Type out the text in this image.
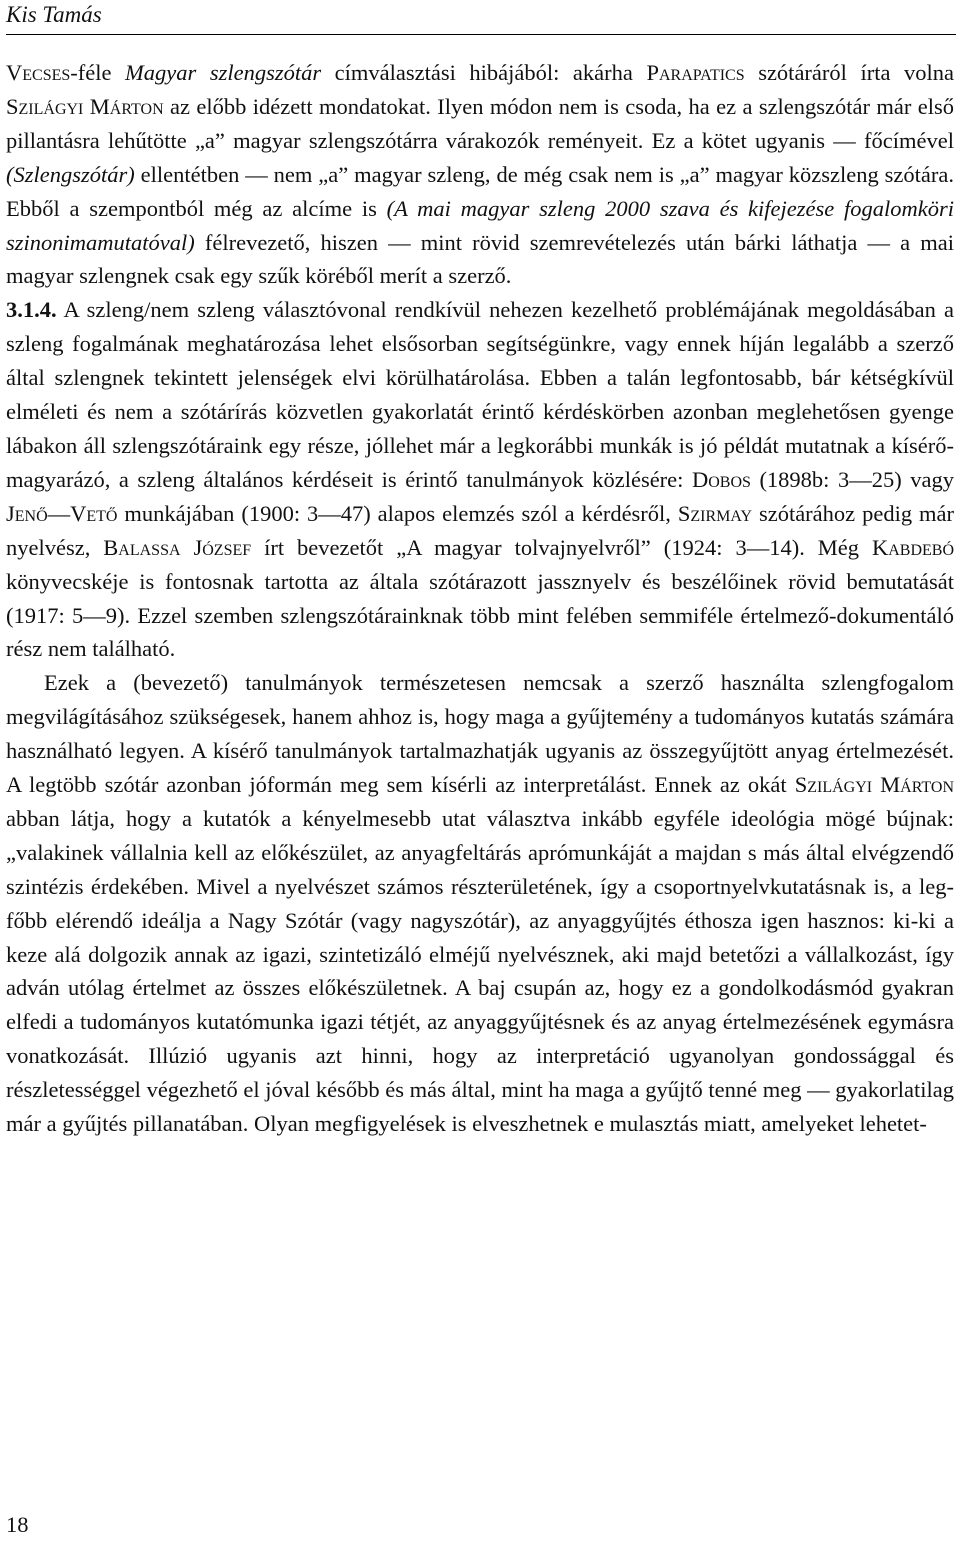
Kis Tamás

Vecses-féle Magyar szlengszótár címválasztási hibájából: akárha Parapatics szótáráról írta volna Szilágyi Márton az előbb idézett mondatokat. Ilyen módon nem is csoda, ha ez a szlengszótár már első pillantásra lehűtötte „a” magyar szlengszótárra várakozók reményeit. Ez a kötet ugyanis — főcímével (Szlengszótár) ellentétben — nem „a” magyar szleng, de még csak nem is „a” magyar közszleng szótára. Ebből a szempontból még az alcíme is (A mai magyar szleng 2000 szava és kifejezése fogalomköri szinonimamutatóval) félrevezető, hiszen — mint rövid szemrevételezés után bárki láthatja — a mai magyar szlengnek csak egy szűk köréből merít a szerző.

3.1.4. A szleng/nem szleng választóvonal rendkívül nehezen kezelhető problémájának megoldásában a szleng fogalmának meghatározása lehet elsősorban segítségünkre, vagy ennek híján legalább a szerző által szlengnek tekintett jelenségek elvi körülhatárolása. Ebben a talán legfontosabb, bár kétségkívül elméleti és nem a szótárírás közvetlen gyakorlatát érintő kérdéskörben azonban meglehetősen gyenge lábakon áll szlengszótáraink egy része, jóllehet már a legkorábbi munkák is jó példát mutatnak a kísérő-magyarázó, a szleng általános kérdéseit is érintő tanulmányok közlésére: Dobos (1898b: 3—25) vagy Jenő—Vető munkájában (1900: 3—47) alapos elemzés szól a kérdésről, Szirmay szótárához pedig már nyelvész, Balassa József írt bevezetőt „A magyar tolvajnyelvről” (1924: 3—14). Még Kabdebó könyvecskéje is fontosnak tartotta az általa szótárazott jassznyelv és beszélőinek rövid bemutatását (1917: 5—9). Ezzel szemben szlengszótárainknak több mint felében semmiféle értelmező-dokumentáló rész nem található.

Ezek a (bevezető) tanulmányok természetesen nemcsak a szerző használta szlengfogalom megvilágításához szükségesek, hanem ahhoz is, hogy maga a gyűjtemény a tudományos kutatás számára használható legyen. A kísérő tanulmányok tartalmazhatják ugyanis az összegyűjtött anyag értelmezését. A legtöbb szótár azonban jóformán meg sem kísérli az interpretálást. Ennek az okát Szilágyi Márton abban látja, hogy a kutatók a kényelmesebb utat választva inkább egyféle ideológia mögé bújnak: „valakinek vállalnia kell az előkészület, az anyagfeltárás aprómunkáját a majdan s más által elvégzendő szintézis érdekében. Mivel a nyelvészet számos részterületének, így a csoportnyelvkutatásnak is, a legfőbb elérendő ideálja a Nagy Szótár (vagy nagyszótár), az anyaggyűjtés éthosza igen hasznos: ki-ki a keze alá dolgozik annak az igazi, szintetizáló elméjű nyelvésznek, aki majd betetőzi a vállalkozást, így adván utólag értelmet az összes előkészületnek. A baj csupán az, hogy ez a gondolkodásmód gyakran elfedi a tudományos kutatómunka igazi tétjét, az anyaggyűjtésnek és az anyag értelmezésének egymásra vonatkozását. Illúzió ugyanis azt hinni, hogy az interpretáció ugyanolyan gondossággal és részletességgel végezhető el jóval később és más által, mint ha maga a gyűjtő tenné meg — gyakorlatilag már a gyűjtés pillanatában. Olyan megfigyelések is elveszhetnek e mulasztás miatt, amelyeket lehetet-

18
